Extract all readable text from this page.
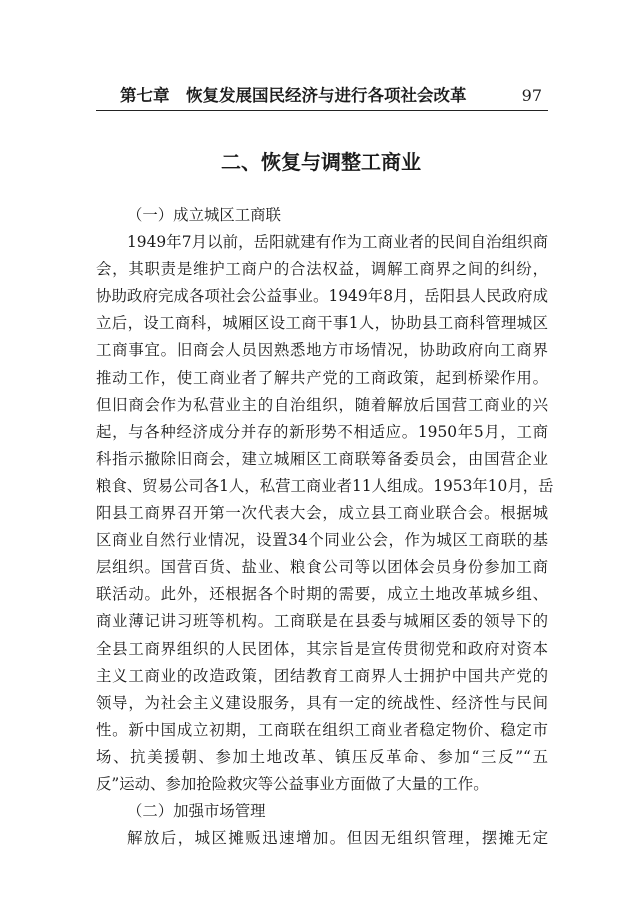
第七章　恢复发展国民经济与进行各项社会改革	97
二、恢复与调整工商业
（一）成立城区工商联
1949年7月以前，岳阳就建有作为工商业者的民间自治组织商
会，其职责是维护工商户的合法权益，调解工商界之间的纠纷，
协助政府完成各项社会公益事业。1949年8月，岳阳县人民政府成
立后，设工商科，城厢区设工商干事1人，协助县工商科管理城区
工商事宜。旧商会人员因熟悉地方市场情况，协助政府向工商界
推动工作，使工商业者了解共产党的工商政策，起到桥梁作用。
但旧商会作为私营业主的自治组织，随着解放后国营工商业的兴
起，与各种经济成分并存的新形势不相适应。1950年5月，工商
科指示撤除旧商会，建立城厢区工商联筹备委员会，由国营企业
粮食、贸易公司各1人，私营工商业者11人组成。1953年10月，岳
阳县工商界召开第一次代表大会，成立县工商业联合会。根据城
区商业自然行业情况，设置34个同业公会，作为城区工商联的基
层组织。国营百货、盐业、粮食公司等以团体会员身份参加工商
联活动。此外，还根据各个时期的需要，成立土地改革城乡组、
商业薄记讲习班等机构。工商联是在县委与城厢区委的领导下的
全县工商界组织的人民团体，其宗旨是宣传贯彻党和政府对资本
主义工商业的改造政策，团结教育工商界人士拥护中国共产党的
领导，为社会主义建设服务，具有一定的统战性、经济性与民间
性。新中国成立初期，工商联在组织工商业者稳定物价、稳定市
场、抗美援朝、参加土地改革、镇压反革命、参加“三反”“五
反”运动、参加抢险救灾等公益事业方面做了大量的工作。
（二）加强市场管理
解放后，城区摊贩迅速增加。但因无组织管理，摆摊无定
